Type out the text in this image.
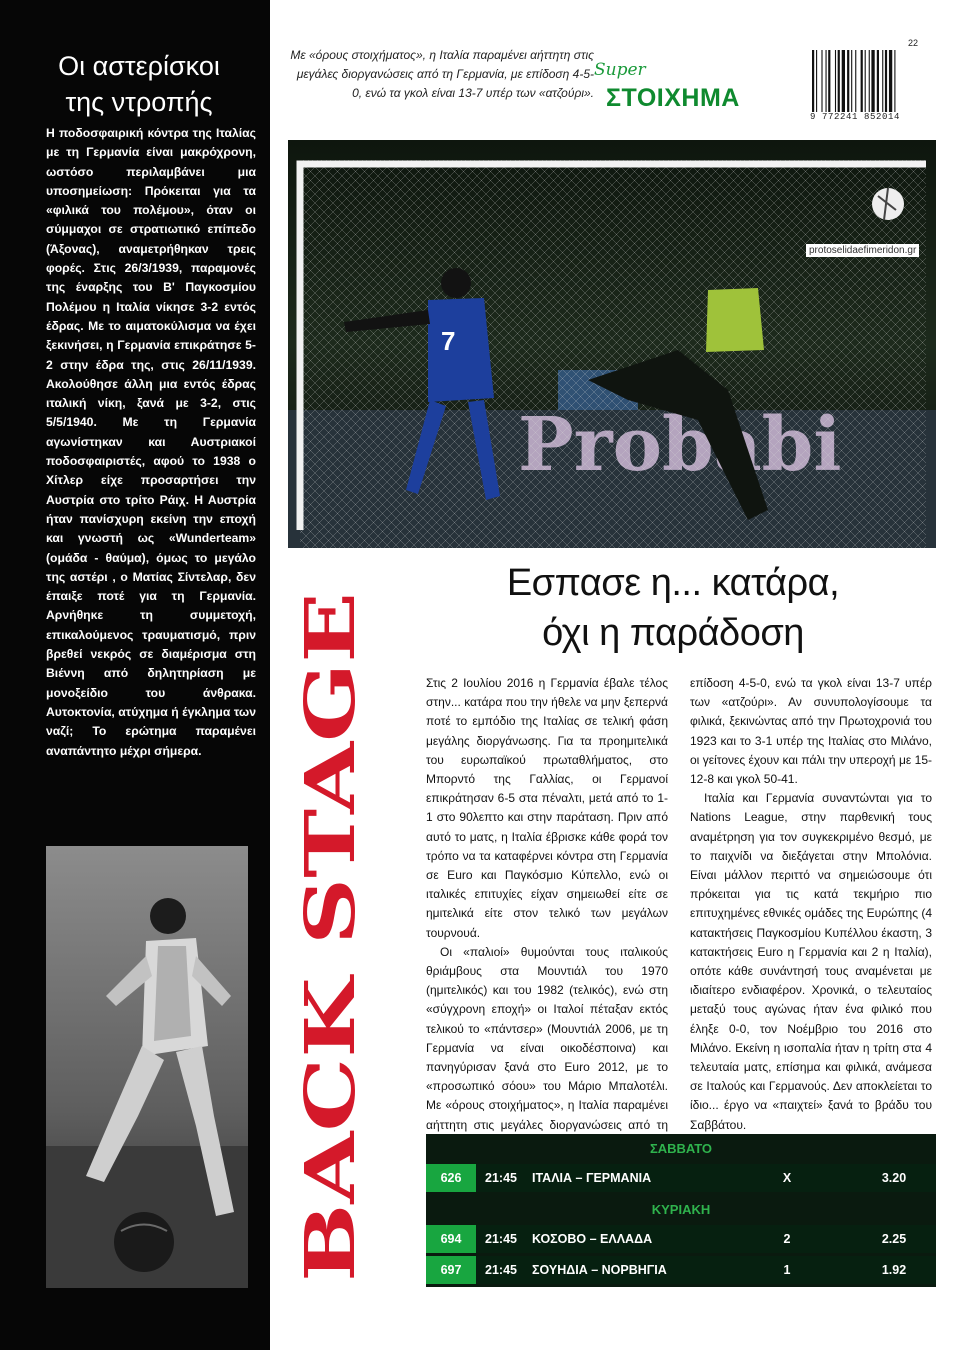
Οι αστερίσκοι
της ντροπής

Η ποδοσφαιρική κόντρα της Ιταλίας με τη Γερμανία είναι μακρόχρονη, ωστόσο περιλαμβάνει μια υποσημείωση: Πρόκειται για τα «φιλικά του πολέμου», όταν οι σύμμαχοι σε στρατιωτικό επίπεδο (Άξονας), αναμετρήθηκαν τρεις φορές. Στις 26/3/1939, παραμονές της έναρξης του Β' Παγκοσμίου Πολέμου η Ιταλία νίκησε 3-2 εντός έδρας. Με το αιματοκύλισμα να έχει ξεκινήσει, η Γερμανία επικράτησε 5-2 στην έδρα της, στις 26/11/1939. Ακολούθησε άλλη μια εντός έδρας ιταλική νίκη, ξανά με 3-2, στις 5/5/1940. Με τη Γερμανία αγωνίστηκαν και Αυστριακοί ποδοσφαιριστές, αφού το 1938 ο Χίτλερ είχε προσαρτήσει την Αυστρία στο τρίτο Ράιχ. Η Αυστρία ήταν πανίσχυρη εκείνη την εποχή και γνωστή ως «Wunderteam» (ομάδα - θαύμα), όμως το μεγάλο της αστέρι , ο Ματίας Σίντελαρ, δεν έπαιξε ποτέ για τη Γερμανία. Αρνήθηκε τη συμμετοχή, επικαλούμενος τραυματισμό, πριν βρεθεί νεκρός σε διαμέρισμα στη Βιέννη από δηλητηρίαση με μονοξείδιο του άνθρακα. Αυτοκτονία, ατύχημα ή έγκλημα των ναζί; Το ερώτημα παραμένει αναπάντητο μέχρι σήμερα.

Με «όρους στοιχήματος», η Ιταλία παραμένει αήττητη στις μεγάλες διοργανώσεις από τη Γερμανία, με επίδοση 4-5-0, ενώ τα γκολ είναι 13-7 υπέρ των «ατζούρι».

Super
ΣΤΟΙΧΗΜΑ
22
9 772241 852014
7
protoselidaefimeridon.gr
BACK STAGE
Εσπασε η... κατάρα,
όχι η παράδοση

Στις 2 Ιουλίου 2016 η Γερμανία έβαλε τέλος στην... κατάρα που την ήθελε να μην ξεπερνά ποτέ το εμπόδιο της Ιταλίας σε τελική φάση μεγάλης διοργάνωσης. Για τα προημιτελικά του ευρωπαϊκού πρωταθλήματος, στο Μπορντό της Γαλλίας, οι Γερμανοί επικράτησαν 6-5 στα πέναλτι, μετά από το 1-1 στο 90λεπτο και στην παράταση. Πριν από αυτό το ματς, η Ιταλία έβρισκε κάθε φορά τον τρόπο να τα καταφέρνει κόντρα στη Γερμανία σε Euro και Παγκόσμιο Κύπελλο, ενώ οι ιταλικές επιτυχίες είχαν σημειωθεί είτε σε ημιτελικά είτε στον τελικό των μεγάλων τουρνουά.

Οι «παλιοί» θυμούνται τους ιταλικούς θριάμβους στα Μουντιάλ του 1970 (ημιτελικός) και του 1982 (τελικός), ενώ στη «σύγχρονη εποχή» οι Ιταλοί πέταξαν εκτός τελικού το «πάντσερ» (Μουντιάλ 2006, με τη Γερμανία να είναι οικοδέσποινα) και πανηγύρισαν ξανά στο Euro 2012, με το «προσωπικό σόου» του Μάριο Μπαλοτέλι. Με «όρους στοιχήματος», η Ιταλία παραμένει αήττητη στις μεγάλες διοργανώσεις από τη

επίδοση 4-5-0, ενώ τα γκολ είναι 13-7 υπέρ των «ατζούρι». Αν συνυπολογίσουμε τα φιλικά, ξεκινώντας από την Πρωτοχρονιά του 1923 και το 3-1 υπέρ της Ιταλίας στο Μιλάνο, οι γείτονες έχουν και πάλι την υπεροχή με 15-12-8 και γκολ 50-41.

Ιταλία και Γερμανία συναντώνται για το Nations League, στην παρθενική τους αναμέτρηση για τον συγκεκριμένο θεσμό, με το παιχνίδι να διεξάγεται στην Μπολόνια. Είναι μάλλον περιττό να σημειώσουμε ότι πρόκειται για τις κατά τεκμήριο πιο επιτυχημένες εθνικές ομάδες της Ευρώπης (4 κατακτήσεις Παγκοσμίου Κυπέλλου έκαστη, 3 κατακτήσεις Euro η Γερμανία και 2 η Ιταλία), οπότε κάθε συνάντησή τους αναμένεται με ιδιαίτερο ενδιαφέρον. Χρονικά, ο τελευταίος μεταξύ τους αγώνας ήταν ένα φιλικό που έληξε 0-0, τον Νοέμβριο του 2016 στο Μιλάνο. Εκείνη η ισοπαλία ήταν η τρίτη στα 4 τελευταία ματς, επίσημα και φιλικά, ανάμεσα σε Ιταλούς και Γερμανούς. Δεν αποκλείεται το ίδιο... έργο να «παιχτεί» ξανά το βράδυ του Σαββάτου.

ΣΑΒΒΑΤΟ
626	21:45	ΙΤΑΛΙΑ – ΓΕΡΜΑΝΙΑ	Χ	3.20
ΚΥΡΙΑΚΗ
694	21:45	ΚΟΣΟΒΟ – ΕΛΛΑΔΑ	2	2.25
697	21:45	ΣΟΥΗΔΙΑ – ΝΟΡΒΗΓΙΑ	1	1.92
